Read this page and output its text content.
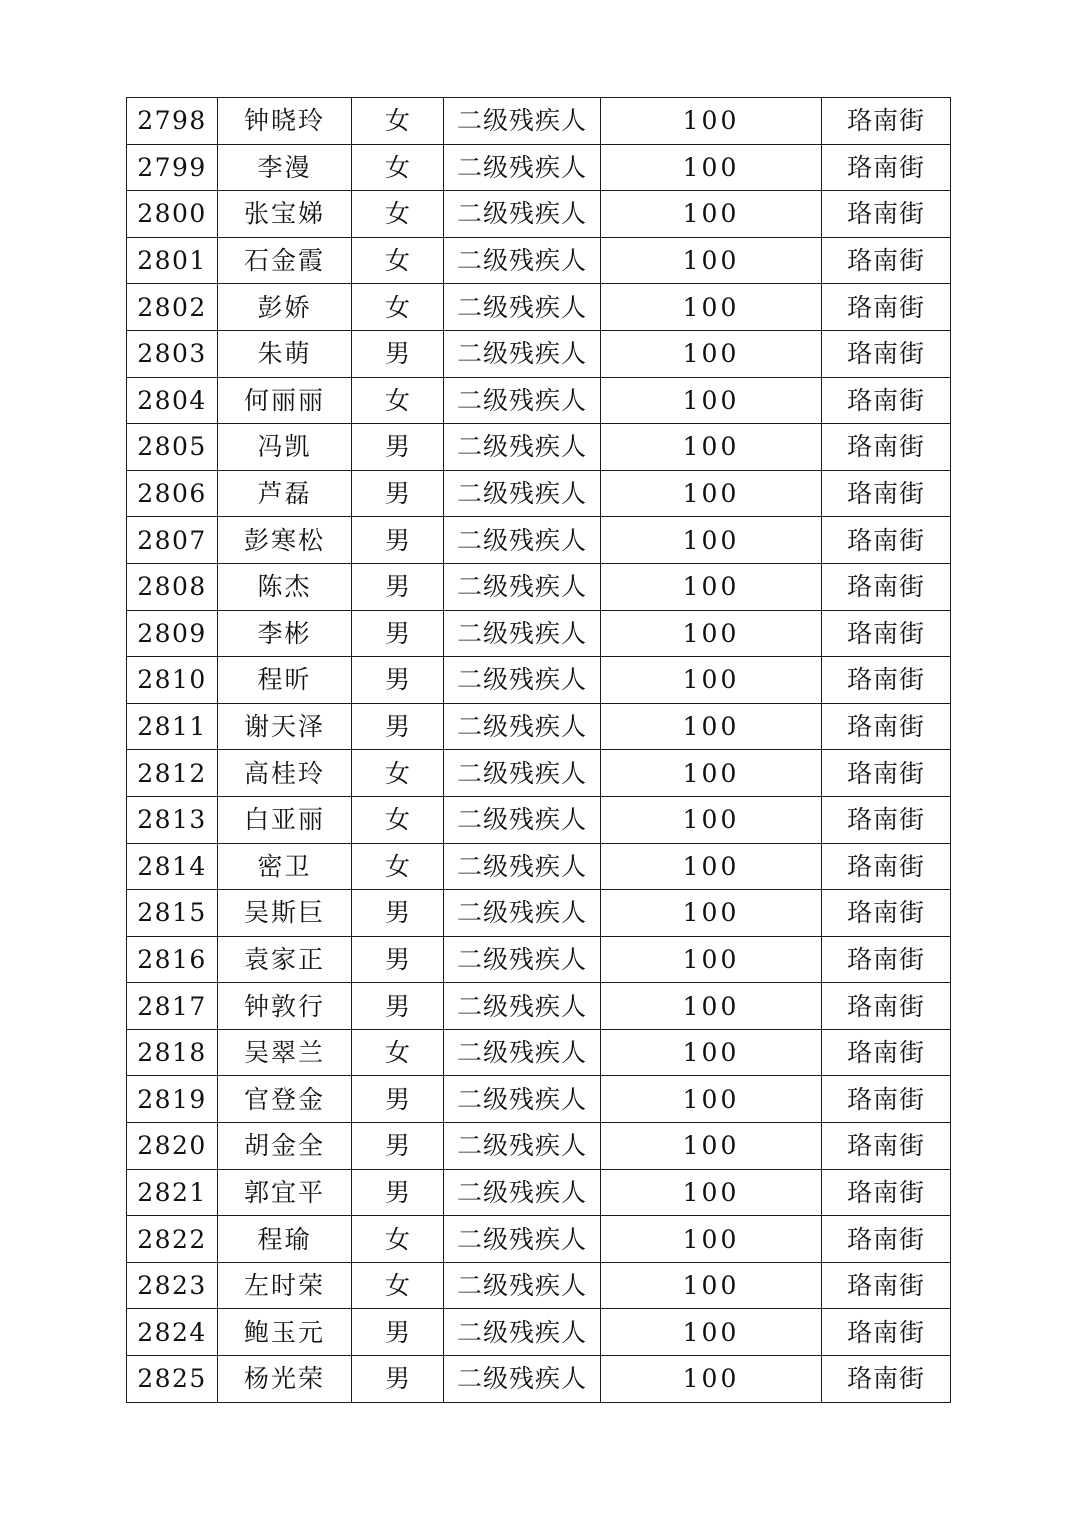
2798	钟晓玲	女	二级残疾人	100	珞南街
2799	李漫	女	二级残疾人	100	珞南街
2800	张宝娣	女	二级残疾人	100	珞南街
2801	石金霞	女	二级残疾人	100	珞南街
2802	彭娇	女	二级残疾人	100	珞南街
2803	朱萌	男	二级残疾人	100	珞南街
2804	何丽丽	女	二级残疾人	100	珞南街
2805	冯凯	男	二级残疾人	100	珞南街
2806	芦磊	男	二级残疾人	100	珞南街
2807	彭寒松	男	二级残疾人	100	珞南街
2808	陈杰	男	二级残疾人	100	珞南街
2809	李彬	男	二级残疾人	100	珞南街
2810	程昕	男	二级残疾人	100	珞南街
2811	谢天泽	男	二级残疾人	100	珞南街
2812	高桂玲	女	二级残疾人	100	珞南街
2813	白亚丽	女	二级残疾人	100	珞南街
2814	密卫	女	二级残疾人	100	珞南街
2815	吴斯巨	男	二级残疾人	100	珞南街
2816	袁家正	男	二级残疾人	100	珞南街
2817	钟敦行	男	二级残疾人	100	珞南街
2818	吴翠兰	女	二级残疾人	100	珞南街
2819	官登金	男	二级残疾人	100	珞南街
2820	胡金全	男	二级残疾人	100	珞南街
2821	郭宜平	男	二级残疾人	100	珞南街
2822	程瑜	女	二级残疾人	100	珞南街
2823	左时荣	女	二级残疾人	100	珞南街
2824	鲍玉元	男	二级残疾人	100	珞南街
2825	杨光荣	男	二级残疾人	100	珞南街
